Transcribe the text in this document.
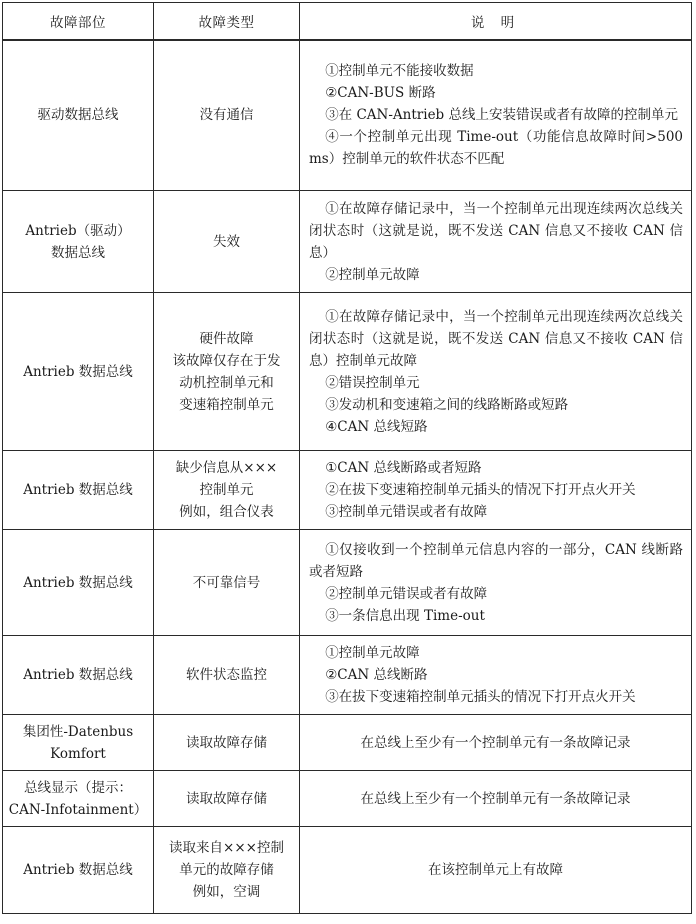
故障部位	故障类型	说 明

驱动数据总线	没有通信	①控制单元不能接收数据
②CAN-BUS 断路
③在 CAN-Antrieb 总线上安装错误或者有故障的控制单元
④一个控制单元出现 Time-out（功能信息故障时间>500 ms）控制单元的软件状态不匹配

Antrieb（驱动）
数据总线	失效	①在故障存储记录中，当一个控制单元出现连续两次总线关闭状态时（这就是说，既不发送 CAN 信息又不接收 CAN 信息）
②控制单元故障

Antrieb 数据总线	硬件故障
该故障仅存在于发
动机控制单元和
变速箱控制单元	①在故障存储记录中，当一个控制单元出现连续两次总线关闭状态时（这就是说，既不发送 CAN 信息又不接收 CAN 信息）控制单元故障
②错误控制单元
③发动机和变速箱之间的线路断路或短路
④CAN 总线短路

Antrieb 数据总线	缺少信息从×××
控制单元
例如，组合仪表	①CAN 总线断路或者短路
②在拔下变速箱控制单元插头的情况下打开点火开关
③控制单元错误或者有故障

Antrieb 数据总线	不可靠信号	①仅接收到一个控制单元信息内容的一部分，CAN 线断路或者短路
②控制单元错误或者有故障
③一条信息出现 Time-out

Antrieb 数据总线	软件状态监控	①控制单元故障
②CAN 总线断路
③在拔下变速箱控制单元插头的情况下打开点火开关

集团性-Datenbus
Komfort	读取故障存储	在总线上至少有一个控制单元有一条故障记录

总线显示（提示：
CAN-Infotainment）	读取故障存储	在总线上至少有一个控制单元有一条故障记录

Antrieb 数据总线	读取来自×××控制
单元的故障存储
例如，空调	在该控制单元上有故障
